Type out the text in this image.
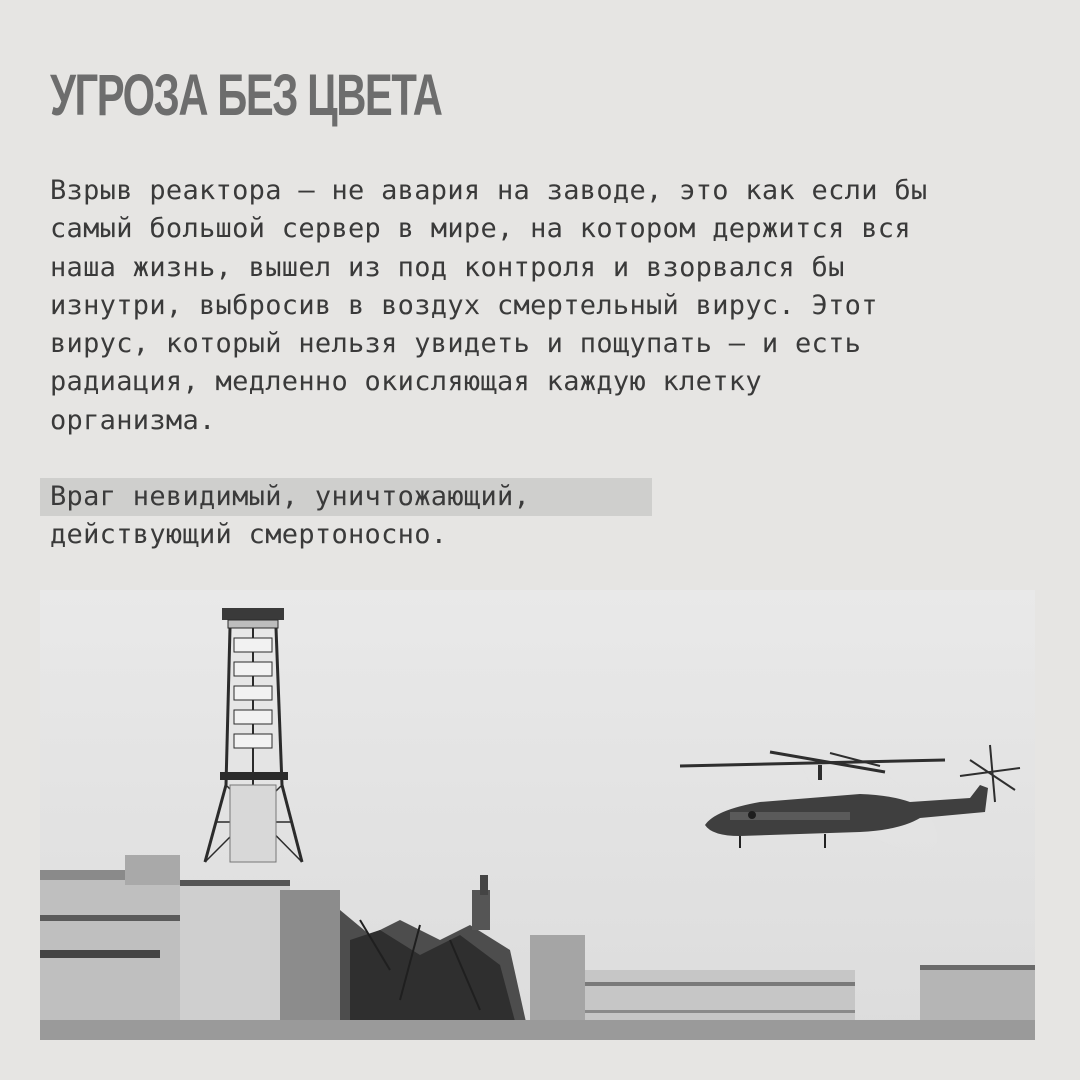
УГРОЗА БЕЗ ЦВЕТА

Взрыв реактора – не авария на заводе, это как если бы
самый большой сервер в мире, на котором держится вся
наша жизнь, вышел из под контроля и взорвался бы
изнутри, выбросив в воздух смертельный вирус. Этот
вирус, который нельзя увидеть и пощупать – и есть
радиация, медленно окисляющая каждую клетку
организма.

Враг невидимый, уничтожающий,
действующий смертоносно.
